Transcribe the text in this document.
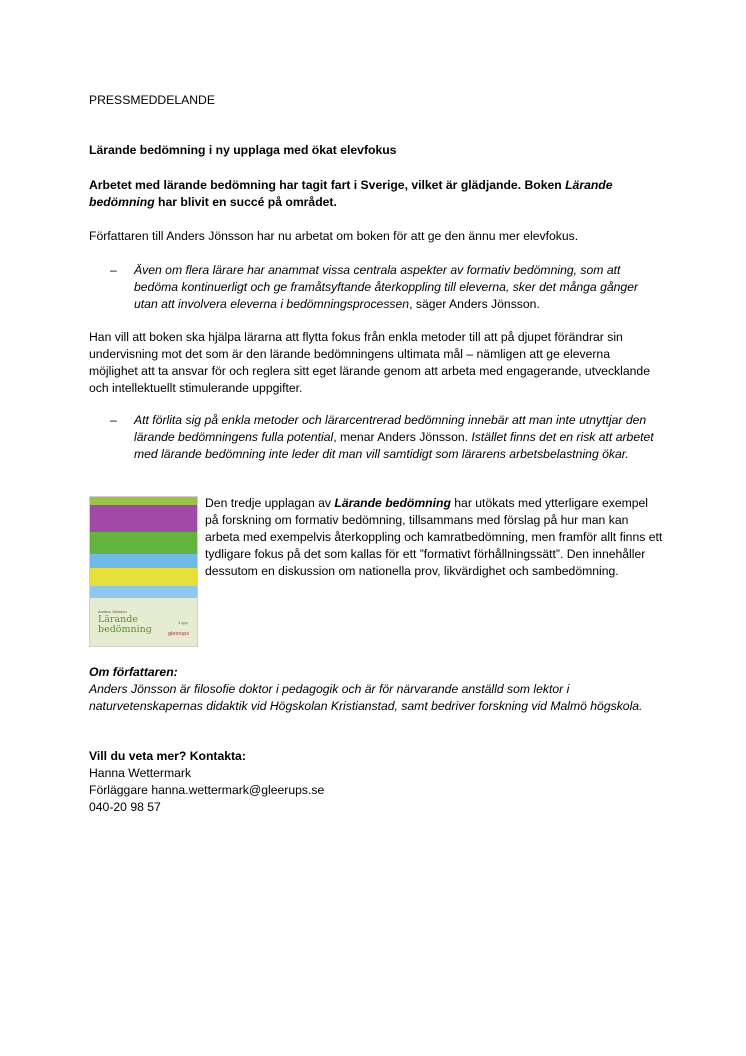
PRESSMEDDELANDE

Lärande bedömning i ny upplaga med ökat elevfokus

Arbetet med lärande bedömning har tagit fart i Sverige, vilket är glädjande. Boken Lärande bedömning har blivit en succé på området.

Författaren till Anders Jönsson har nu arbetat om boken för att ge den ännu mer elevfokus.

– Även om flera lärare har anammat vissa centrala aspekter av formativ bedömning, som att bedöma kontinuerligt och ge framåtsyftande återkoppling till eleverna, sker det många gånger utan att involvera eleverna i bedömningsprocessen, säger Anders Jönsson.

Han vill att boken ska hjälpa lärarna att flytta fokus från enkla metoder till att på djupet förändrar sin undervisning mot det som är den lärande bedömningens ultimata mål – nämligen att ge eleverna möjlighet att ta ansvar för och reglera sitt eget lärande genom att arbeta med engagerande, utvecklande och intellektuellt stimulerande uppgifter.

– Att förlita sig på enkla metoder och lärarcentrerad bedömning innebär att man inte utnyttjar den lärande bedömningens fulla potential, menar Anders Jönsson. Istället finns det en risk att arbetet med lärande bedömning inte leder dit man vill samtidigt som lärarens arbetsbelastning ökar.

Anders Jönsson
Lärande
bedömning
3 uppl.
gleerups

Den tredje upplagan av Lärande bedömning har utökats med ytterligare exempel på forskning om formativ bedömning, tillsammans med förslag på hur man kan arbeta med exempelvis återkoppling och kamratbedömning, men framför allt finns ett tydligare fokus på det som kallas för ett ”formativt förhållningssätt”. Den innehåller dessutom en diskussion om nationella prov, likvärdighet och sambedömning.

Om författaren:

Anders Jönsson är filosofie doktor i pedagogik och är för närvarande anställd som lektor i naturvetenskapernas didaktik vid Högskolan Kristianstad, samt bedriver forskning vid Malmö högskola.

Vill du veta mer? Kontakta:

Hanna Wettermark

Förläggare hanna.wettermark@gleerups.se

040-20 98 57
